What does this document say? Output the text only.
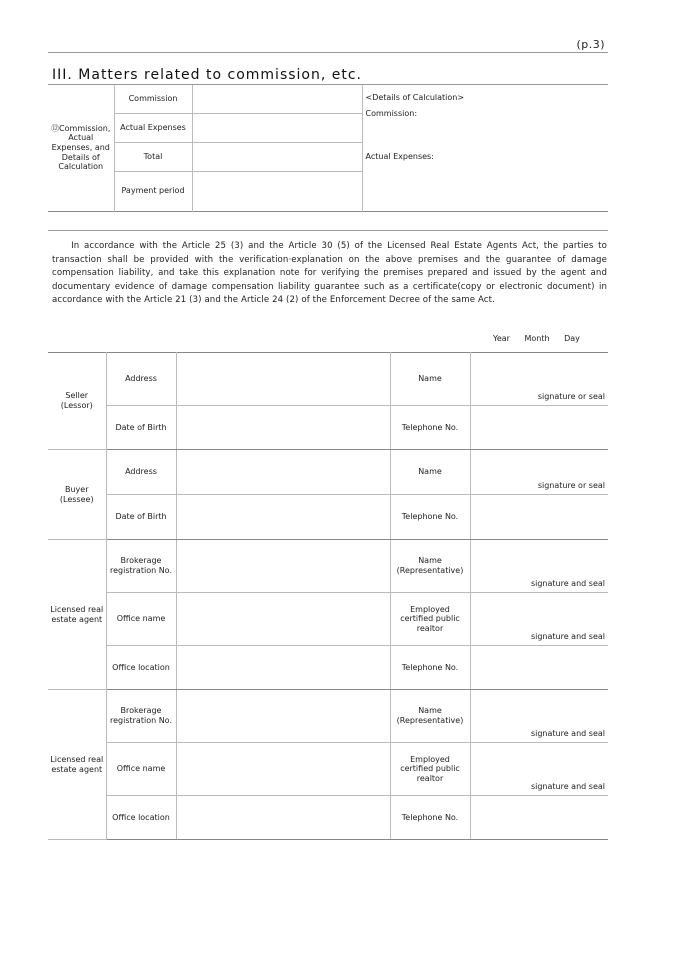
(p.3)
III. Matters related to commission, etc.
⑫Commission, Actual Expenses, and Details of Calculation	Commission		<Details of Calculation>
Commission:
Actual Expenses:

	Actual Expenses		
	Total		
	Payment period		
In accordance with the Article 25 (3) and the Article 30 (5) of the Licensed Real Estate Agents Act, the parties to transaction shall be provided with the verification·explanation on the above premises and the guarantee of damage compensation liability, and take this explanation note for verifying the premises prepared and issued by the agent and documentary evidence of damage compensation liability guarantee such as a certificate(copy or electronic document) in accordance with the Article 21 (3) and the Article 24 (2) of the Enforcement Decree of the same Act.
Year Month Day
Seller (Lessor)	Address		Name	signature or seal

	Date of Birth		Telephone No.	
Buyer (Lessee)	Address		Name	signature or seal

	Date of Birth		Telephone No.	
Licensed real estate agent	Brokerage registration No.		Name (Representative)	signature and seal

	Office name		Employed certified public realtor	signature and seal

	Office location		Telephone No.	
Licensed real estate agent	Brokerage registration No.		Name (Representative)	signature and seal

	Office name		Employed certified public realtor	signature and seal

	Office location		Telephone No.	
